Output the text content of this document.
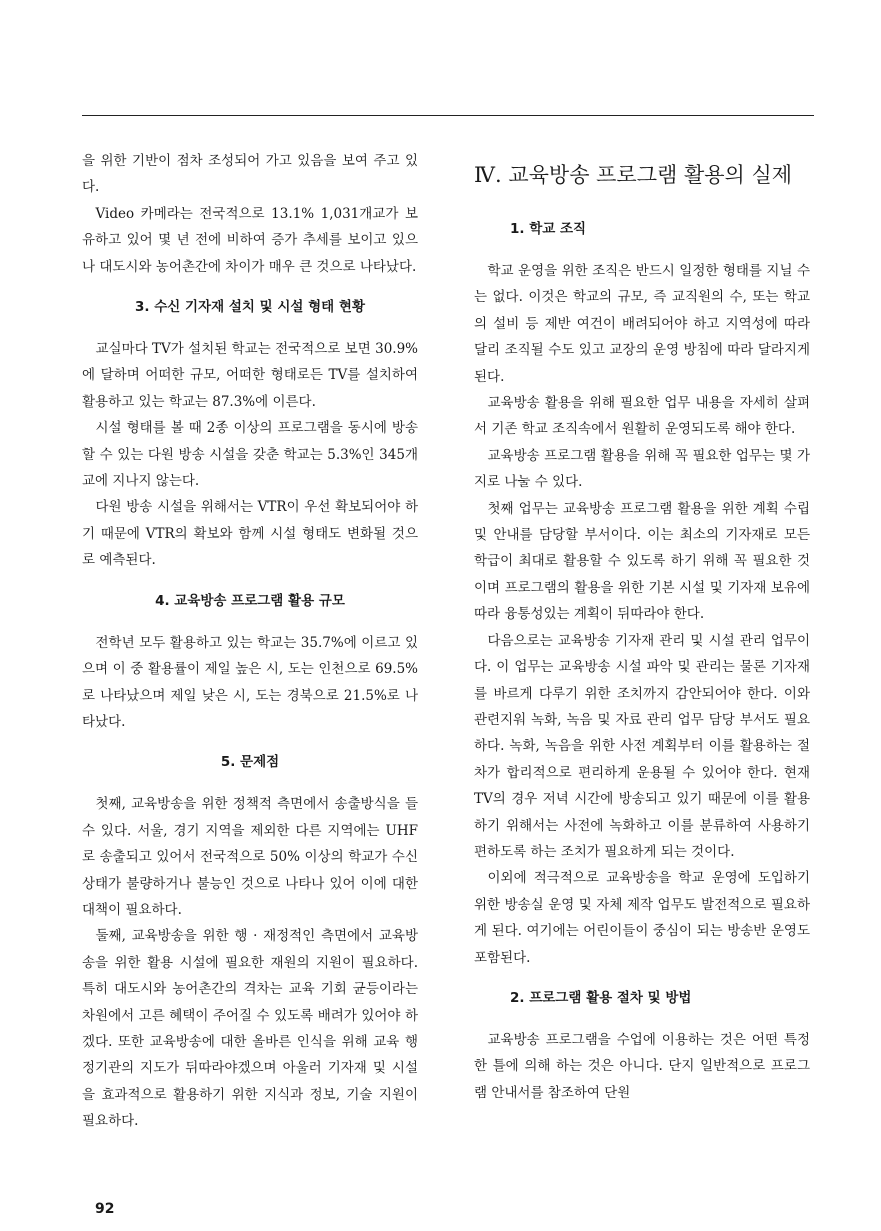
을 위한 기반이 점차 조성되어 가고 있음을 보여 주고 있다.

Video 카메라는 전국적으로 13.1% 1,031개교가 보유하고 있어 몇 년 전에 비하여 증가 추세를 보이고 있으나 대도시와 농어촌간에 차이가 매우 큰 것으로 나타났다.

3. 수신 기자재 설치 및 시설 형태 현황

교실마다 TV가 설치된 학교는 전국적으로 보면 30.9%에 달하며 어떠한 규모, 어떠한 형태로든 TV를 설치하여 활용하고 있는 학교는 87.3%에 이른다.

시설 형태를 볼 때 2종 이상의 프로그램을 동시에 방송할 수 있는 다원 방송 시설을 갖춘 학교는 5.3%인 345개교에 지나지 않는다.

다원 방송 시설을 위해서는 VTR이 우선 확보되어야 하기 때문에 VTR의 확보와 함께 시설 형태도 변화될 것으로 예측된다.

4. 교육방송 프로그램 활용 규모

전학년 모두 활용하고 있는 학교는 35.7%에 이르고 있으며 이 중 활용률이 제일 높은 시, 도는 인천으로 69.5%로 나타났으며 제일 낮은 시, 도는 경북으로 21.5%로 나타났다.

5. 문제점

첫째, 교육방송을 위한 정책적 측면에서 송출방식을 들 수 있다. 서울, 경기 지역을 제외한 다른 지역에는 UHF로 송출되고 있어서 전국적으로 50% 이상의 학교가 수신 상태가 불량하거나 불능인 것으로 나타나 있어 이에 대한 대책이 필요하다.

둘째, 교육방송을 위한 행 · 재정적인 측면에서 교육방송을 위한 활용 시설에 필요한 재원의 지원이 필요하다. 특히 대도시와 농어촌간의 격차는 교육 기회 균등이라는 차원에서 고른 혜택이 주어질 수 있도록 배려가 있어야 하겠다. 또한 교육방송에 대한 올바른 인식을 위해 교육 행정기관의 지도가 뒤따라야겠으며 아울러 기자재 및 시설을 효과적으로 활용하기 위한 지식과 정보, 기술 지원이 필요하다.

Ⅳ. 교육방송 프로그램 활용의 실제
1. 학교 조직

학교 운영을 위한 조직은 반드시 일정한 형태를 지닐 수는 없다. 이것은 학교의 규모, 즉 교직원의 수, 또는 학교의 설비 등 제반 여건이 배려되어야 하고 지역성에 따라 달리 조직될 수도 있고 교장의 운영 방침에 따라 달라지게 된다.

교육방송 활용을 위해 필요한 업무 내용을 자세히 살펴서 기존 학교 조직속에서 원활히 운영되도록 해야 한다.

교육방송 프로그램 활용을 위해 꼭 필요한 업무는 몇 가지로 나눌 수 있다.

첫째 업무는 교육방송 프로그램 활용을 위한 계획 수립 및 안내를 담당할 부서이다. 이는 최소의 기자재로 모든 학급이 최대로 활용할 수 있도록 하기 위해 꼭 필요한 것이며 프로그램의 활용을 위한 기본 시설 및 기자재 보유에 따라 융통성있는 계획이 뒤따라야 한다.

다음으로는 교육방송 기자재 관리 및 시설 관리 업무이다. 이 업무는 교육방송 시설 파악 및 관리는 물론 기자재를 바르게 다루기 위한 조치까지 감안되어야 한다. 이와 관련지워 녹화, 녹음 및 자료 관리 업무 담당 부서도 필요하다. 녹화, 녹음을 위한 사전 계획부터 이를 활용하는 절차가 합리적으로 편리하게 운용될 수 있어야 한다. 현재 TV의 경우 저녁 시간에 방송되고 있기 때문에 이를 활용하기 위해서는 사전에 녹화하고 이를 분류하여 사용하기 편하도록 하는 조치가 필요하게 되는 것이다.

이외에 적극적으로 교육방송을 학교 운영에 도입하기 위한 방송실 운영 및 자체 제작 업무도 발전적으로 필요하게 된다. 여기에는 어린이들이 중심이 되는 방송반 운영도 포함된다.

2. 프로그램 활용 절차 및 방법

교육방송 프로그램을 수업에 이용하는 것은 어떤 특정한 틀에 의해 하는 것은 아니다. 단지 일반적으로 프로그램 안내서를 참조하여 단원

92
